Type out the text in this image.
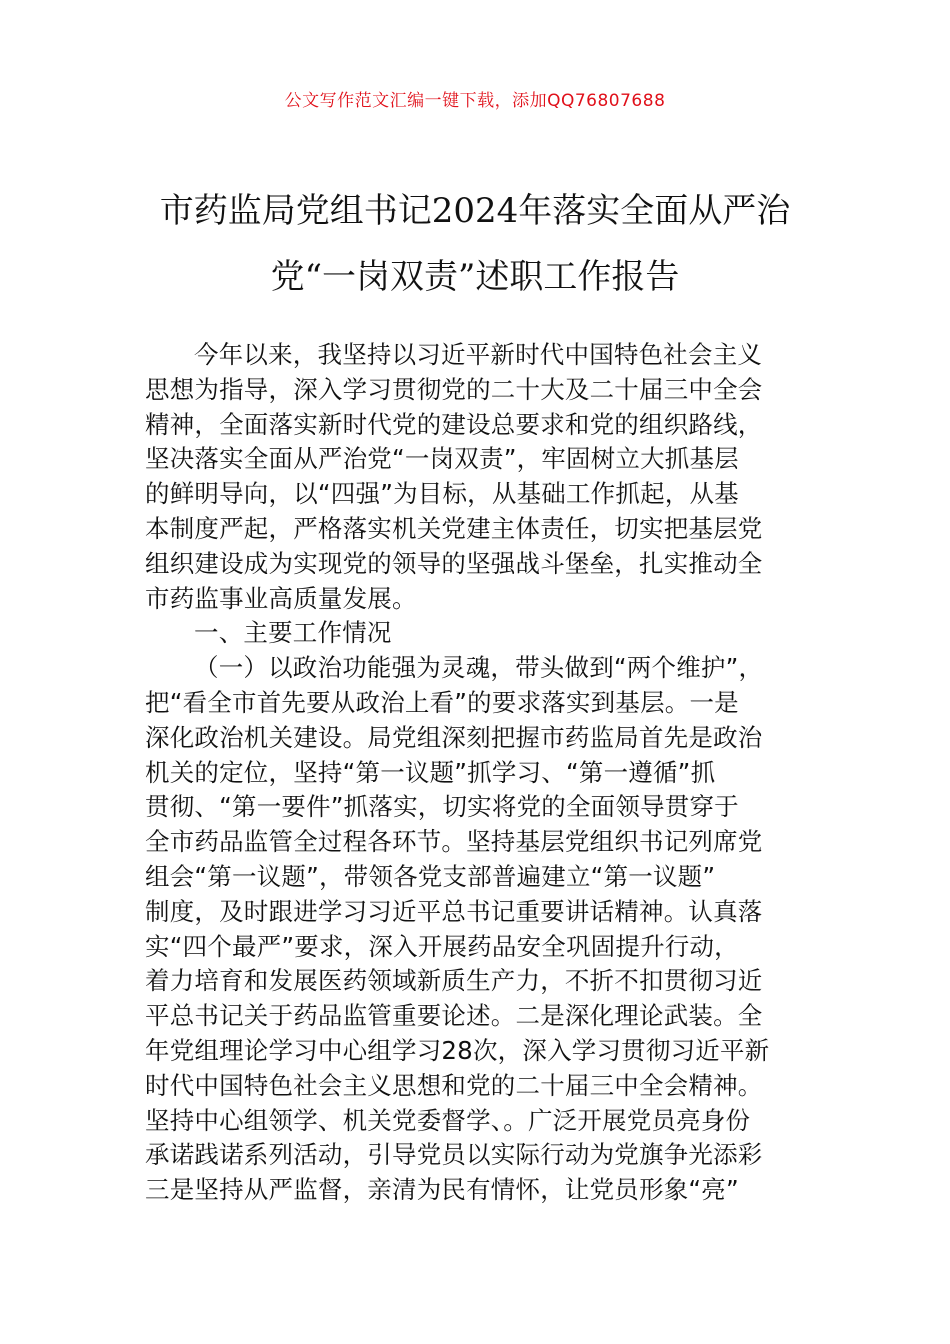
公文写作范文汇编一键下载，添加QQ76807688
市药监局党组书记2024年落实全面从严治
党“一岗双责”述职工作报告
今年以来，我坚持以习近平新时代中国特色社会主义
思想为指导，深入学习贯彻党的二十大及二十届三中全会
精神，全面落实新时代党的建设总要求和党的组织路线，
坚决落实全面从严治党“一岗双责”，牢固树立大抓基层
的鲜明导向，以“四强”为目标，从基础工作抓起，从基
本制度严起，严格落实机关党建主体责任，切实把基层党
组织建设成为实现党的领导的坚强战斗堡垒，扎实推动全
市药监事业高质量发展。
一、主要工作情况
（一）以政治功能强为灵魂，带头做到“两个维护”，
把“看全市首先要从政治上看”的要求落实到基层。一是
深化政治机关建设。局党组深刻把握市药监局首先是政治
机关的定位，坚持“第一议题”抓学习、“第一遵循”抓
贯彻、“第一要件”抓落实，切实将党的全面领导贯穿于
全市药品监管全过程各环节。坚持基层党组织书记列席党
组会“第一议题”，带领各党支部普遍建立“第一议题”
制度，及时跟进学习习近平总书记重要讲话精神。认真落
实“四个最严”要求，深入开展药品安全巩固提升行动，
着力培育和发展医药领域新质生产力，不折不扣贯彻习近
平总书记关于药品监管重要论述。二是深化理论武装。全
年党组理论学习中心组学习28次，深入学习贯彻习近平新
时代中国特色社会主义思想和党的二十届三中全会精神。
坚持中心组领学、机关党委督学、。广泛开展党员亮身份
承诺践诺系列活动，引导党员以实际行动为党旗争光添彩
三是坚持从严监督，亲清为民有情怀，让党员形象“亮”
